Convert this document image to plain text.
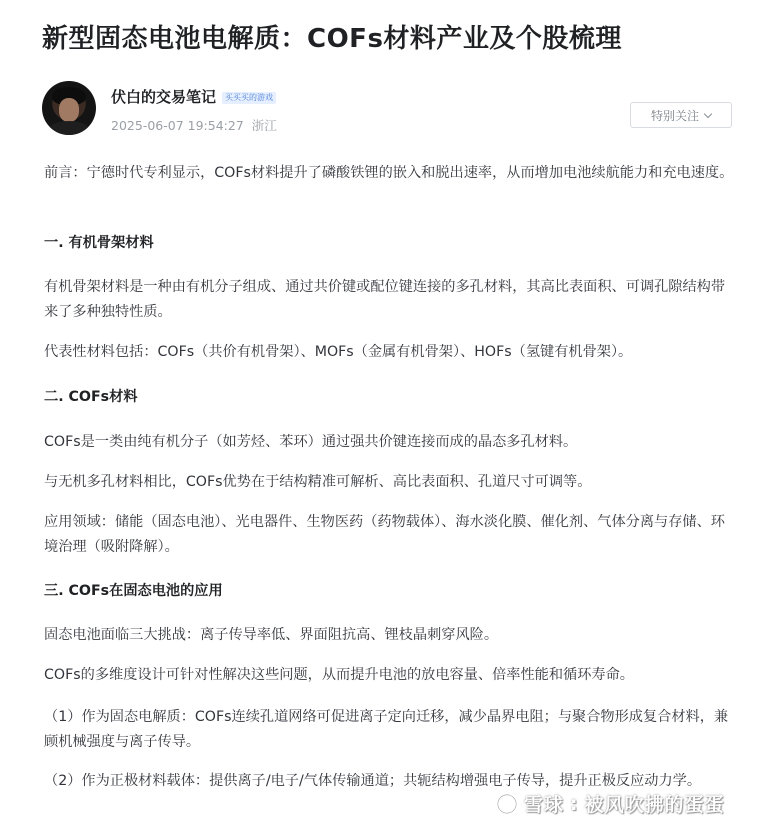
新型固态电池电解质：COFs材料产业及个股梳理
伏白的交易笔记	买买买的游戏
2025-06-07 19:54:27 浙江
特别关注

前言：宁德时代专利显示，COFs材料提升了磷酸铁锂的嵌入和脱出速率，从而增加电池续航能力和充电速度。

一. 有机骨架材料

有机骨架材料是一种由有机分子组成、通过共价键或配位键连接的多孔材料，其高比表面积、可调孔隙结构带来了多种独特性质。

代表性材料包括：COFs（共价有机骨架）、MOFs（金属有机骨架）、HOFs（氢键有机骨架）。

二. COFs材料

COFs是一类由纯有机分子（如芳烃、苯环）通过强共价键连接而成的晶态多孔材料。

与无机多孔材料相比，COFs优势在于结构精准可解析、高比表面积、孔道尺寸可调等。

应用领域：储能（固态电池）、光电器件、生物医药（药物载体）、海水淡化膜、催化剂、气体分离与存储、环境治理（吸附降解）。

三. COFs在固态电池的应用

固态电池面临三大挑战：离子传导率低、界面阻抗高、锂枝晶刺穿风险。

COFs的多维度设计可针对性解决这些问题，从而提升电池的放电容量、倍率性能和循环寿命。

（1）作为固态电解质：COFs连续孔道网络可促进离子定向迁移，减少晶界电阻；与聚合物形成复合材料，兼顾机械强度与离子传导。

（2）作为正极材料载体：提供离子/电子/气体传输通道；共轭结构增强电子传导，提升正极反应动力学。

雪球 : 被风吹拂的蛋蛋
